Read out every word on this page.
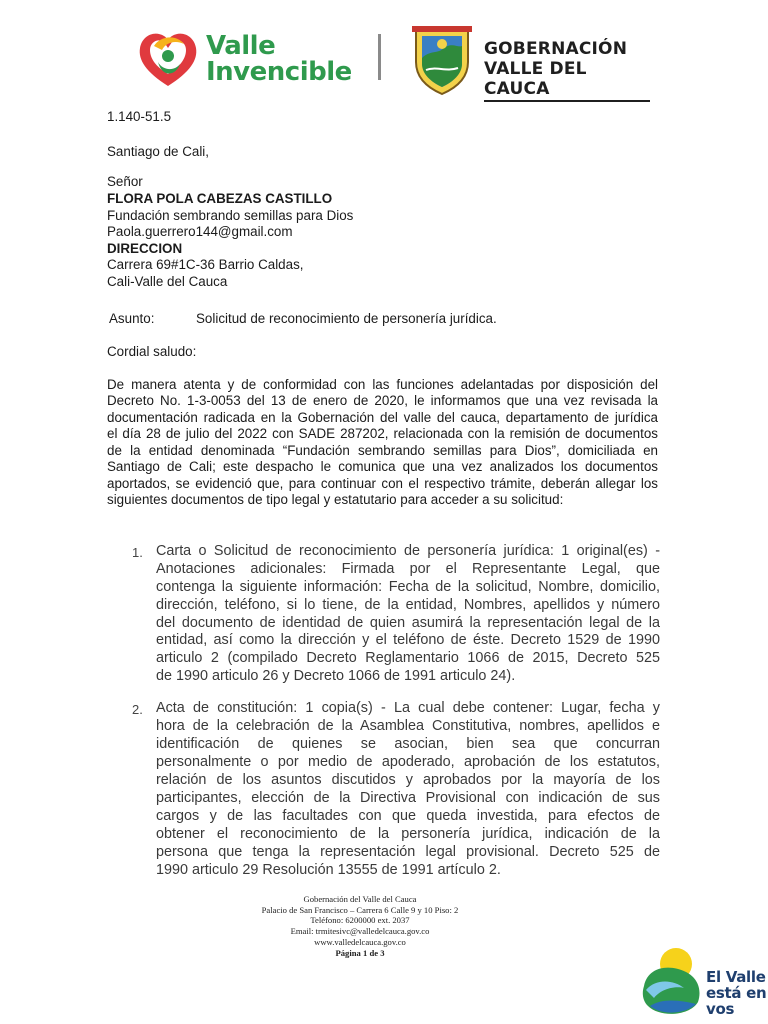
Valle
Invencible
GOBERNACIÓN
VALLE DEL CAUCA
1.140-51.5
Santiago de Cali,
Señor
FLORA POLA CABEZAS CASTILLO
Fundación sembrando semillas para Dios
Paola.guerrero144@gmail.com
DIRECCION
Carrera 69#1C-36 Barrio Caldas,
Cali-Valle del Cauca
Asunto:	Solicitud de reconocimiento de personería jurídica.
Cordial saludo:
De manera atenta y de conformidad con las funciones adelantadas por disposición del
Decreto No. 1-3-0053 del 13 de enero de 2020, le informamos que una vez revisada la
documentación radicada en la Gobernación del valle del cauca, departamento de jurídica
el día 28 de julio del 2022 con SADE 287202, relacionada con la remisión de documentos
de la entidad denominada “Fundación sembrando semillas para Dios”, domiciliada en
Santiago de Cali; este despacho le comunica que una vez analizados los documentos
aportados, se evidenció que, para continuar con el respectivo trámite, deberán allegar los
siguientes documentos de tipo legal y estatutario para acceder a su solicitud:
1. Carta o Solicitud de reconocimiento de personería jurídica: 1 original(es) -
Anotaciones adicionales: Firmada por el Representante Legal, que
contenga la siguiente información: Fecha de la solicitud, Nombre, domicilio,
dirección, teléfono, si lo tiene, de la entidad, Nombres, apellidos y número
del documento de identidad de quien asumirá la representación legal de la
entidad, así como la dirección y el teléfono de éste. Decreto 1529 de 1990
articulo 2 (compilado Decreto Reglamentario 1066 de 2015, Decreto 525
de 1990 articulo 26 y Decreto 1066 de 1991 articulo 24).
2. Acta de constitución: 1 copia(s) - La cual debe contener: Lugar, fecha y
hora de la celebración de la Asamblea Constitutiva, nombres, apellidos e
identificación de quienes se asocian, bien sea que concurran
personalmente o por medio de apoderado, aprobación de los estatutos,
relación de los asuntos discutidos y aprobados por la mayoría de los
participantes, elección de la Directiva Provisional con indicación de sus
cargos y de las facultades con que queda investida, para efectos de
obtener el reconocimiento de la personería jurídica, indicación de la
persona que tenga la representación legal provisional. Decreto 525 de
1990 articulo 29 Resolución 13555 de 1991 artículo 2.
Gobernación del Valle del Cauca
Palacio de San Francisco – Carrera 6 Calle 9 y 10 Piso: 2
Teléfono: 6200000 ext. 2037
Email: trmitesivc@valledelcauca.gov.co
www.valledelcauca.gov.co
Página 1 de 3
El Valle
está en
vos
